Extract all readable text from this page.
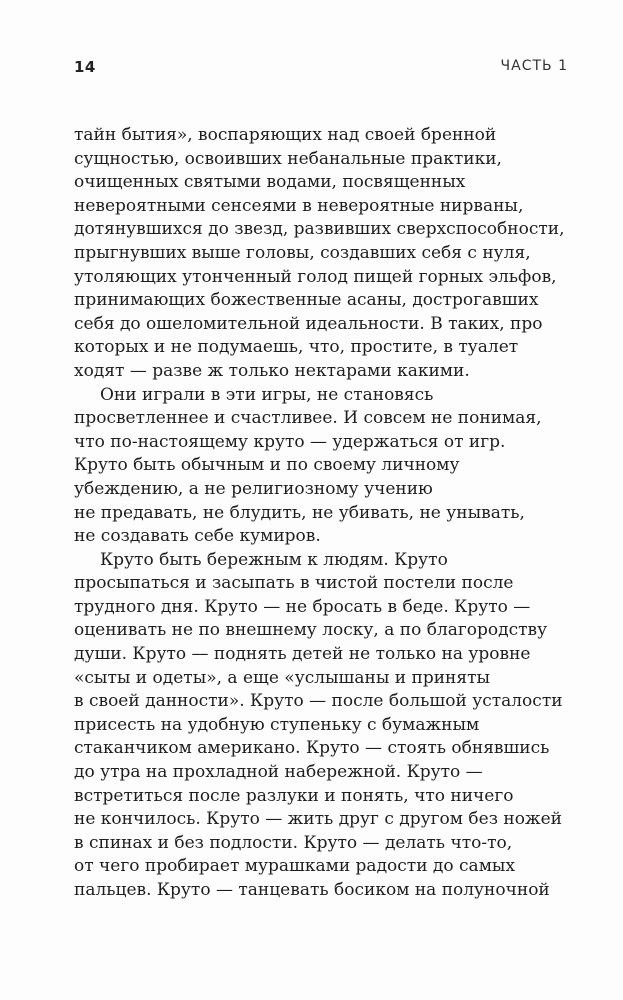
14	ЧАСТЬ 1
тайн бытия», воспаряющих над своей бренной
сущностью, освоивших небанальные практики,
очищенных святыми водами, посвященных
невероятными сенсеями в невероятные нирваны,
дотянувшихся до звезд, развивших сверхспособности,
прыгнувших выше головы, создавших себя с нуля,
утоляющих утонченный голод пищей горных эльфов,
принимающих божественные асаны, дострогавших
себя до ошеломительной идеальности. В таких, про
которых и не подумаешь, что, простите, в туалет
ходят — разве ж только нектарами какими.
Они играли в эти игры, не становясь
просветленнее и счастливее. И совсем не понимая,
что по-настоящему круто — удержаться от игр.
Круто быть обычным и по своему личному
убеждению, а не религиозному учению
не предавать, не блудить, не убивать, не унывать,
не создавать себе кумиров.
Круто быть бережным к людям. Круто
просыпаться и засыпать в чистой постели после
трудного дня. Круто — не бросать в беде. Круто —
оценивать не по внешнему лоску, а по благородству
души. Круто — поднять детей не только на уровне
«сыты и одеты», а еще «услышаны и приняты
в своей данности». Круто — после большой усталости
присесть на удобную ступеньку с бумажным
стаканчиком американо. Круто — стоять обнявшись
до утра на прохладной набережной. Круто —
встретиться после разлуки и понять, что ничего
не кончилось. Круто — жить друг с другом без ножей
в спинах и без подлости. Круто — делать что-то,
от чего пробирает мурашками радости до самых
пальцев. Круто — танцевать босиком на полуночной
